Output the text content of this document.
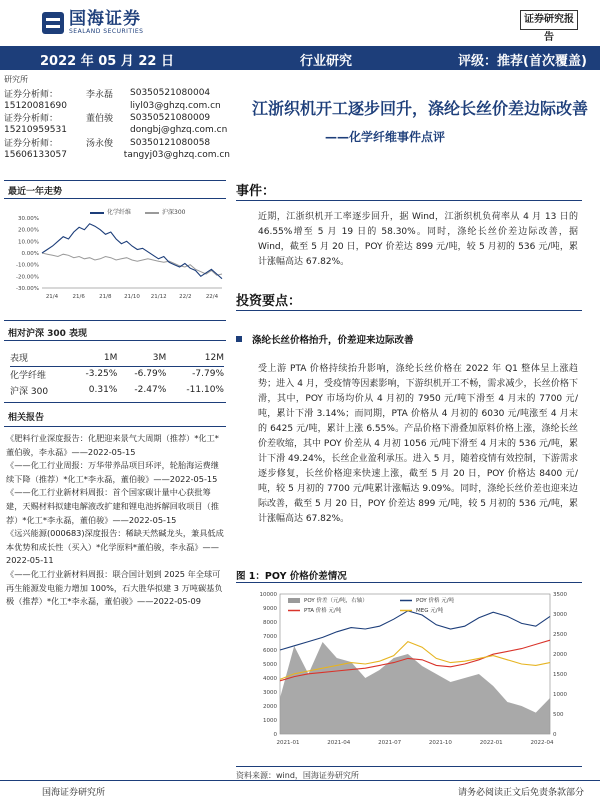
国海证券
SEALAND SECURITIES
证券研究报告
2022 年 05 月 22 日	行业研究	评级：推荐(首次覆盖)
研究所
证券分析师：	李永磊	S0350521080004
15120081690	liyl03@ghzq.com.cn
证券分析师：	董伯骏	S0350521080009
15210959531	dongbj@ghzq.com.cn
证券分析师：	汤永俊	S0350121080058
15606133057	tangyj03@ghzq.com.cn
江浙织机开工逐步回升，涤纶长丝价差边际改善
——化学纤维事件点评
最近一年走势
化学纤维	沪深300
30.00%
20.00%
10.00%
0.00%
-10.00%
-20.00%
-30.00%
21/4	21/6	21/8 21/10 21/12 22/2	22/4
相对沪深 300 表现
表现	1M	3M	12M
化学纤维	-3.25%	-6.79%	-7.79%
沪深 300	0.31%	-2.47%	-11.10%
相关报告

《肥料行业深度报告：化肥迎来景气大周期（推荐）*化工*董伯骏，李永磊》——2022-05-15

《——化工行业周报：万华带养品项目环评，轮胎海运费继续下降（推荐）*化工*李永磊，董伯骏》——2022-05-15

《——化工行业新材料周报：首个国家碳计量中心获批筹建，天赐材料拟建电解液改扩建和锂电池拆解回收项目（推荐）*化工*李永磊，董伯骏》——2022-05-15

《远兴能源(000683)深度报告：稀缺天然碱龙头，兼具低成本优势和成长性（买入）*化学原料*董伯骏，李永磊》——2022-05-11

《——化工行业新材料周报：联合国计划到 2025 年全球可再生能源发电能力增加 100%，石大胜华拟建 3 万吨碳基负极（推荐）*化工*李永磊，董伯骏》——2022-05-09

事件：
近期，江浙织机开工率逐步回升，据 Wind，江浙织机负荷率从 4 月 13 日的 46.55%增至 5 月 19 日的 58.30%。同时，涤纶长丝价差边际改善，据 Wind，截至 5 月 20 日，POY 价差达 899 元/吨，较 5 月初的 536 元/吨，累计涨幅高达 67.82%。
投资要点：
涤纶长丝价格抬升，价差迎来边际改善
受上游 PTA 价格持续抬升影响，涤纶长丝价格在 2022 年 Q1 整体呈上涨趋势；进入 4 月，受疫情等因素影响，下游织机开工不畅，需求减少，长丝价格下滑，其中，POY 市场均价从 4 月初的 7950 元/吨下滑至 4 月末的 7700 元/吨，累计下滑 3.14%；而同期，PTA 价格从 4 月初的 6030 元/吨涨至 4 月末的 6425 元/吨，累计上涨 6.55%。产品价格下滑叠加原料价格上涨，涤纶长丝价差收缩，其中 POY 价差从 4 月初 1056 元/吨下滑至 4 月末的 536 元/吨，累计下滑 49.24%，长丝企业盈利承压。进入 5 月，随着疫情有效控制，下游需求逐步修复，长丝价格迎来快速上涨，截至 5 月 20 日，POY 价格达 8400 元/吨，较 5 月初的 7700 元/吨累计涨幅达 9.09%。同时，涤纶长丝价差也迎来边际改善，截至 5 月 20 日，POY 价差达 899 元/吨，较 5 月初的 536 元/吨，累计涨幅高达 67.82%。
图 1：POY 价格价差情况
0
1000
2000
3000
4000
5000
6000
7000
8000
9000
10000
0
500
1000
1500
2000
2500
3000
3500
2021-01	2021-04	2021-07	2021-10	2022-01	2022-04
POY 价差（元/吨，右轴）	POY 价格 元/吨
PTA 价格 元/吨	MEG 元/吨
资料来源：wind，国海证券研究所
国海证券研究所	请务必阅读正文后免责条款部分
